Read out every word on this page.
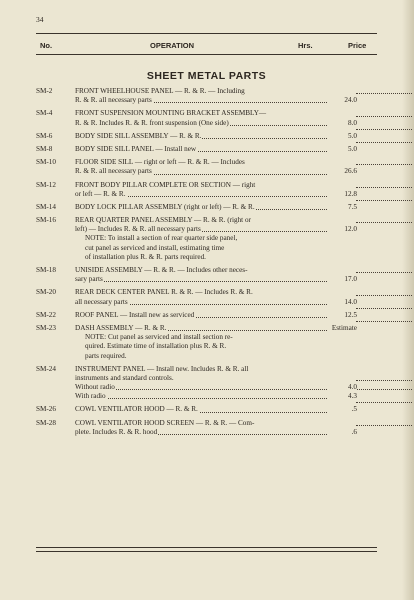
34
No.	OPERATION	Hrs.	Price
SHEET METAL PARTS
SM-2	FRONT WHEELHOUSE PANEL — R. & R. — Including
R. & R. all necessary parts	24.0
SM-4	FRONT SUSPENSION MOUNTING BRACKET ASSEMBLY—
R. & R. Includes R. & R. front suspension (One side)	8.0
SM-6	BODY SIDE SILL ASSEMBLY — R. & R.	5.0
SM-8	BODY SIDE SILL PANEL — Install new	5.0
SM-10	FLOOR SIDE SILL — right or left — R. & R. — Includes
R. & R. all necessary parts	26.6
SM-12	FRONT BODY PILLAR COMPLETE OR SECTION — right
or left — R. & R.	12.8
SM-14	BODY LOCK PILLAR ASSEMBLY (right or left) — R. & R.	7.5
SM-16	REAR QUARTER PANEL ASSEMBLY — R. & R. (right or
left) — Includes R. & R. all necessary parts	12.0
NOTE: To install a section of rear quarter side panel,
cut panel as serviced and install, estimating time
of installation plus R. & R. parts required.
SM-18	UNISIDE ASSEMBLY — R. & R. — Includes other neces-
sary parts	17.0
SM-20	REAR DECK CENTER PANEL R. & R. — Includes R. & R.
all necessary parts	14.0
SM-22	ROOF PANEL — Install new as serviced	12.5
SM-23	DASH ASSEMBLY — R. & R.	Estimate
NOTE: Cut panel as serviced and install section re-
quired. Estimate time of installation plus R. & R.
parts required.
SM-24	INSTRUMENT PANEL — Install new. Includes R. & R. all
instruments and standard controls.
Without radio	4.0
With radio	4.3
SM-26	COWL VENTILATOR HOOD — R. & R.	.5
SM-28	COWL VENTILATOR HOOD SCREEN — R. & R. — Com-
plete. Includes R. & R. hood	.6
